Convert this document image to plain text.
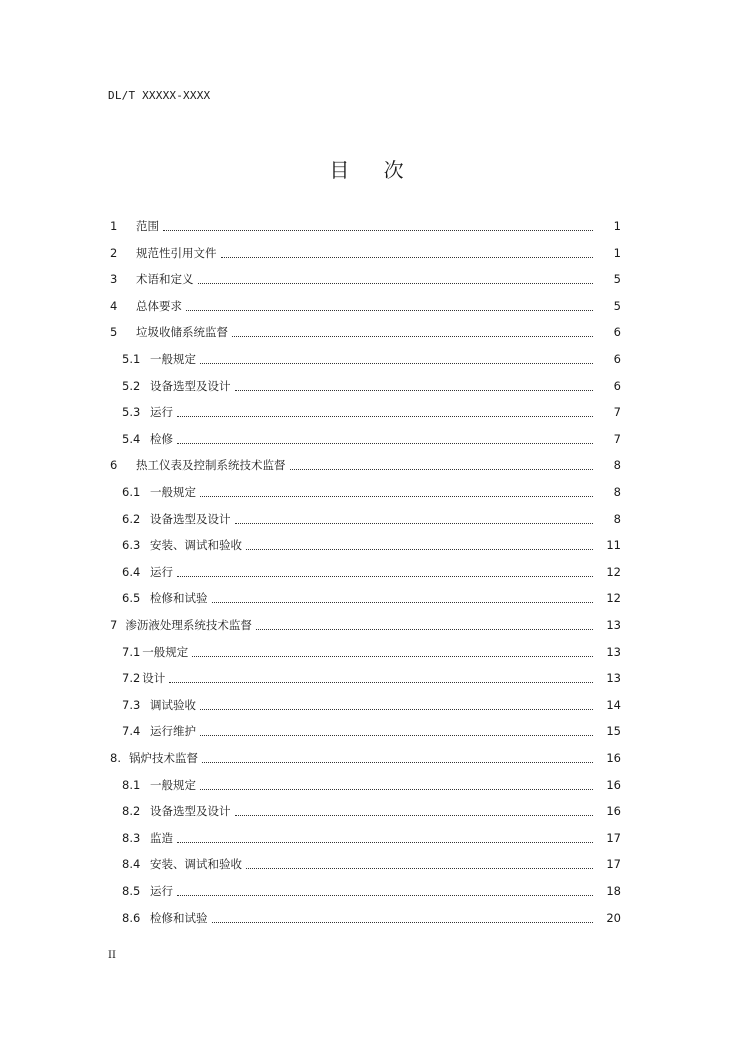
DL/T XXXXX-XXXX
目 次
1	范围	1
2	规范性引用文件	1
3	术语和定义	5
4	总体要求	5
5	垃圾收储系统监督	6
5.1 一般规定	6
5.2 设备选型及设计	6
5.3 运行	7
5.4 检修	7
6	热工仪表及控制系统技术监督	8
6.1 一般规定	8
6.2 设备选型及设计	8
6.3 安装、调试和验收	11
6.4 运行	12
6.5 检修和试验	12
7 渗沥液处理系统技术监督	13
7.1 一般规定	13
7.2 设计	13
7.3 调试验收	14
7.4 运行维护	15
8. 锅炉技术监督	16
8.1 一般规定	16
8.2 设备选型及设计	16
8.3 监造	17
8.4 安装、调试和验收	17
8.5 运行	18
8.6 检修和试验	20
II
